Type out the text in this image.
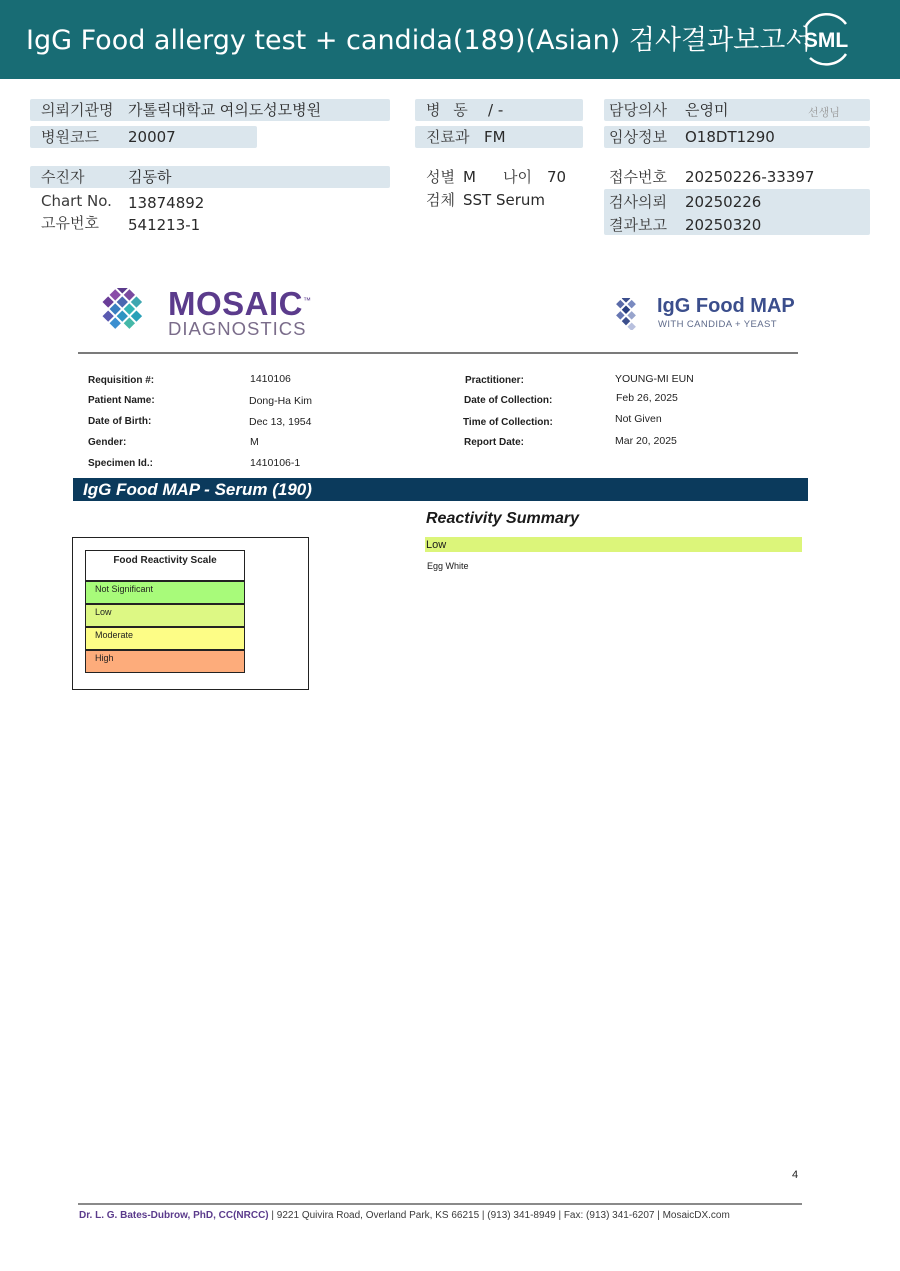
IgG Food allergy test + candida(189)(Asian) 검사결과보고서
SML
의뢰기관명 가톨릭대학교 여의도성모병원
병원코드 20007
병 동 / -
진료과 FM
담당의사 은영미	선생님
임상정보 O18DT1290
수진자	김동하
Chart No. 13874892
고유번호 541213-1
성별 M 나이 70
검체 SST Serum
접수번호 20250226-33397
검사의뢰 20250226
결과보고 20250320
MOSAIC™
DIAGNOSTICS
IgG Food MAP
WITH CANDIDA + YEAST
Requisition #:	1410106
Patient Name:	Dong-Ha Kim
Date of Birth:	Dec 13, 1954
Gender:	M
Specimen Id.:	1410106-1
Practitioner:	YOUNG-MI EUN
Date of Collection:	Feb 26, 2025
Time of Collection:	Not Given
Report Date:	Mar 20, 2025
IgG Food MAP - Serum (190)
Food Reactivity Scale
Not Significant
Low
Moderate
High
Reactivity Summary
Low
Egg White
4
Dr. L. G. Bates-Dubrow, PhD, CC(NRCC) | 9221 Quivira Road, Overland Park, KS 66215 | (913) 341-8949 | Fax: (913) 341-6207 | MosaicDX.com
